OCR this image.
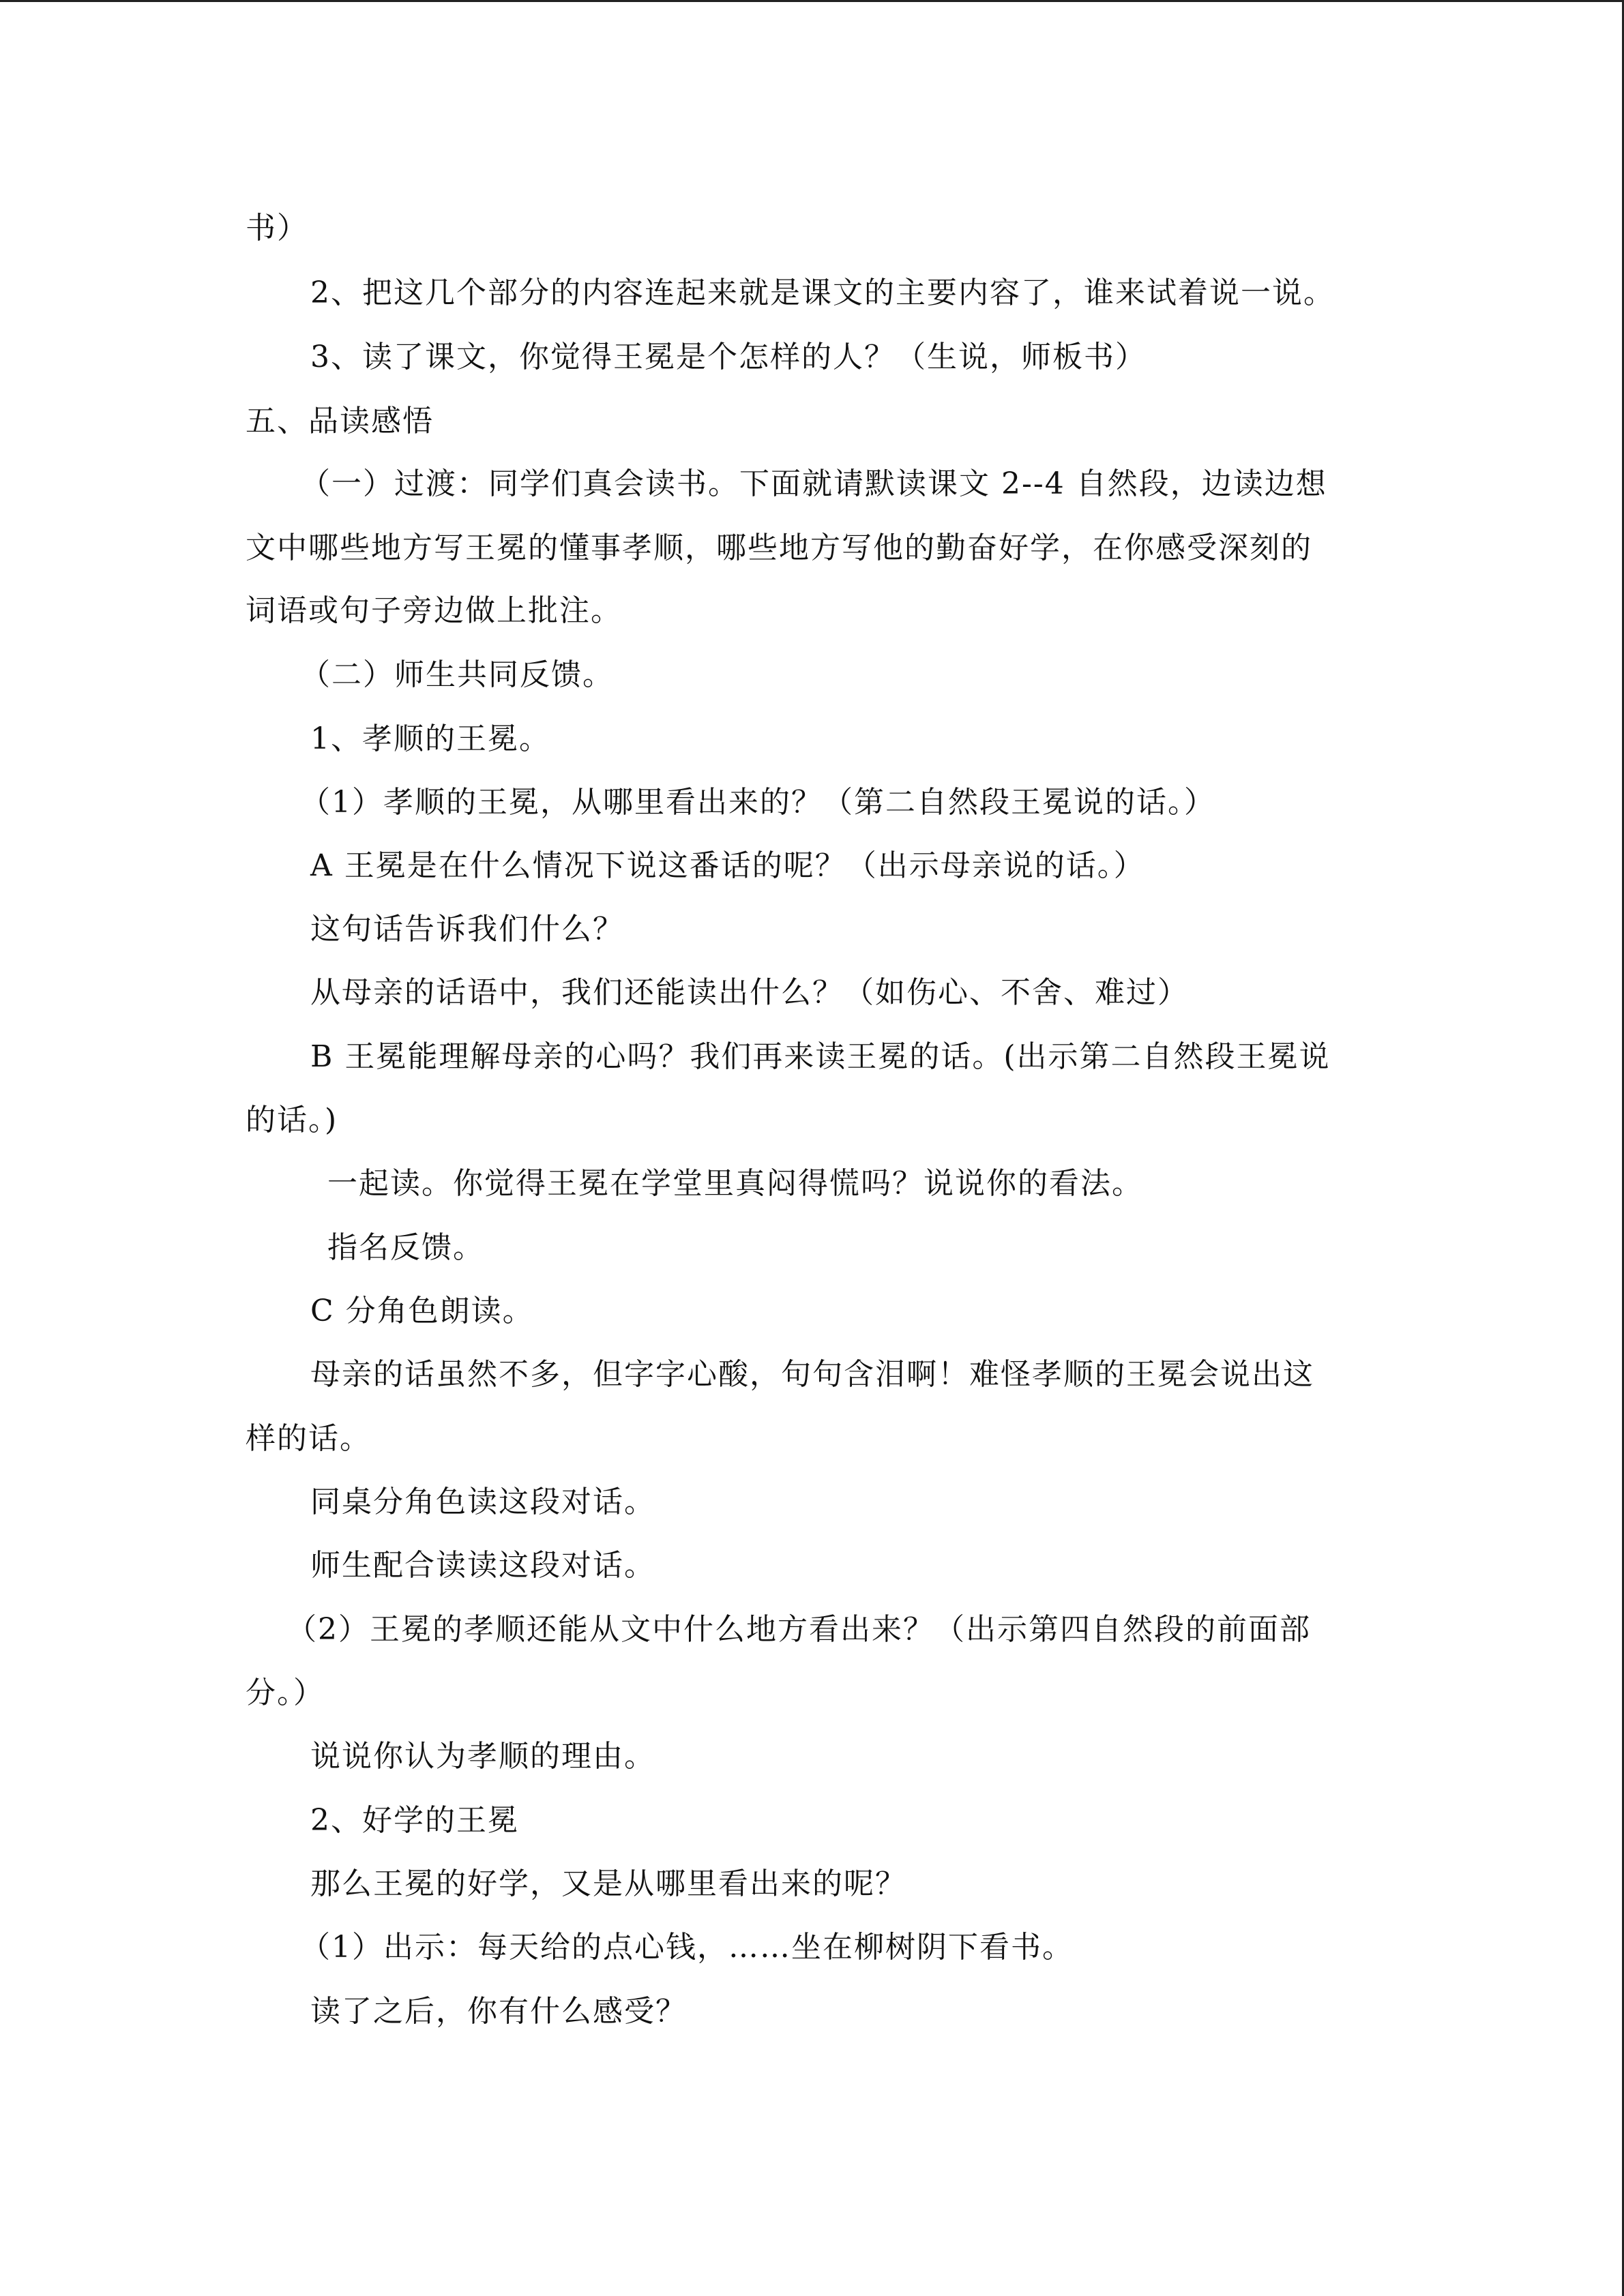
书）
2、把这几个部分的内容连起来就是课文的主要内容了，谁来试着说一说。
3、读了课文，你觉得王冕是个怎样的人？（生说，师板书）
五、品读感悟
（一）过渡：同学们真会读书。下面就请默读课文 2--4 自然段，边读边想
文中哪些地方写王冕的懂事孝顺，哪些地方写他的勤奋好学，在你感受深刻的
词语或句子旁边做上批注。
（二）师生共同反馈。
1、孝顺的王冕。
（1）孝顺的王冕，从哪里看出来的？（第二自然段王冕说的话。）
A 王冕是在什么情况下说这番话的呢？（出示母亲说的话。）
这句话告诉我们什么？
从母亲的话语中，我们还能读出什么？（如伤心、不舍、难过）
B 王冕能理解母亲的心吗？我们再来读王冕的话。(出示第二自然段王冕说
的话。)
一起读。你觉得王冕在学堂里真闷得慌吗？说说你的看法。
指名反馈。
C 分角色朗读。
母亲的话虽然不多，但字字心酸，句句含泪啊！难怪孝顺的王冕会说出这
样的话。
同桌分角色读这段对话。
师生配合读读这段对话。
（2）王冕的孝顺还能从文中什么地方看出来？（出示第四自然段的前面部
分。）
说说你认为孝顺的理由。
2、好学的王冕
那么王冕的好学，又是从哪里看出来的呢？
（1）出示：每天给的点心钱，……坐在柳树阴下看书。
读了之后，你有什么感受？
